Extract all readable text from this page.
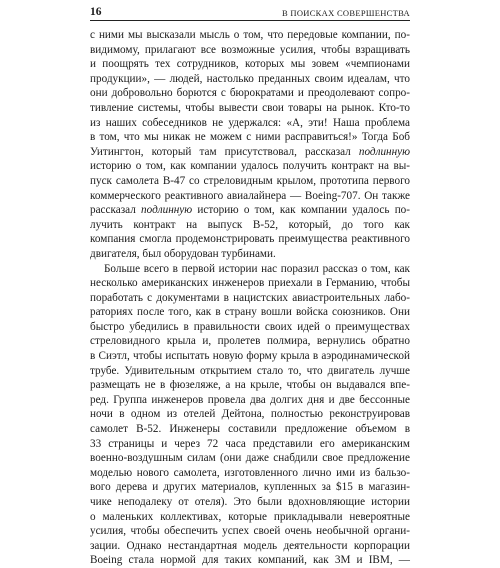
16	В ПОИСКАХ СОВЕРШЕНСТВА
с ними мы высказали мысль о том, что передовые компании, по-
видимому, прилагают все возможные усилия, чтобы взращивать
и поощрять тех сотрудников, которых мы зовем «чемпионами
продукции», — людей, настолько преданных своим идеалам, что
они добровольно борются с бюрократами и преодолевают сопро-
тивление системы, чтобы вывести свои товары на рынок. Кто-то
из наших собеседников не удержался: «А, эти! Наша проблема
в том, что мы никак не можем с ними расправиться!» Тогда Боб
Уитингтон, который там присутствовал, рассказал подлинную
историю о том, как компании удалось получить контракт на вы-
пуск самолета В-47 со стреловидным крылом, прототипа первого
коммерческого реактивного авиалайнера — Boeing-707. Он также
рассказал подлинную историю о том, как компании удалось по-
лучить контракт на выпуск В-52, который, до того как
компания смогла продемонстрировать преимущества реактивного
двигателя, был оборудован турбинами.
Больше всего в первой истории нас поразил рассказ о том, как
несколько американских инженеров приехали в Германию, чтобы
поработать с документами в нацистских авиастроительных лабо-
раториях после того, как в страну вошли войска союзников. Они
быстро убедились в правильности своих идей о преимуществах
стреловидного крыла и, пролетев полмира, вернулись обратно
в Сиэтл, чтобы испытать новую форму крыла в аэродинамической
трубе. Удивительным открытием стало то, что двигатель лучше
размещать не в фюзеляже, а на крыле, чтобы он выдавался впе-
ред. Группа инженеров провела два долгих дня и две бессонные
ночи в одном из отелей Дейтона, полностью реконструировав
самолет В-52. Инженеры составили предложение объемом в
33 страницы и через 72 часа представили его американским
военно-воздушным силам (они даже снабдили свое предложение
моделью нового самолета, изготовленного лично ими из бальзо-
вого дерева и других материалов, купленных за $15 в магазин-
чике неподалеку от отеля). Это были вдохновляющие истории
о маленьких коллективах, которые прикладывали невероятные
усилия, чтобы обеспечить успех своей очень необычной органи-
зации. Однако нестандартная модель деятельности корпорации
Boeing стала нормой для таких компаний, как 3M и IBM, —
